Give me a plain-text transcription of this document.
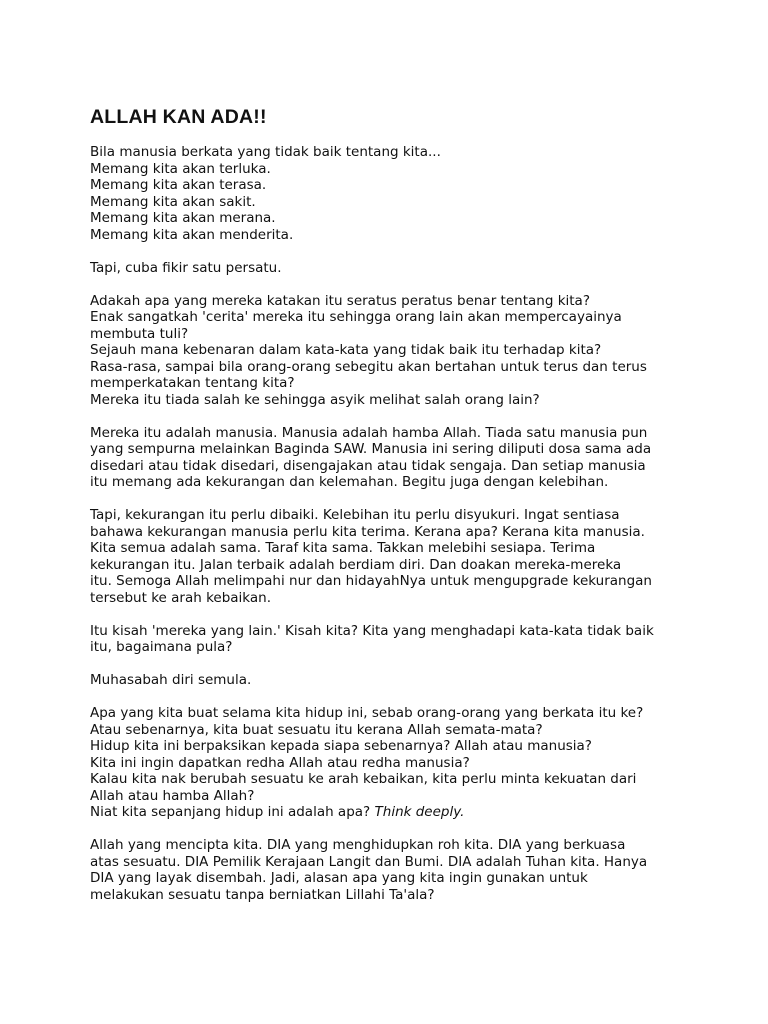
ALLAH KAN ADA!!
Bila manusia berkata yang tidak baik tentang kita...
Memang kita akan terluka.
Memang kita akan terasa.
Memang kita akan sakit.
Memang kita akan merana.
Memang kita akan menderita.
Tapi, cuba fikir satu persatu.
Adakah apa yang mereka katakan itu seratus peratus benar tentang kita?
Enak sangatkah 'cerita' mereka itu sehingga orang lain akan mempercayainya
membuta tuli?
Sejauh mana kebenaran dalam kata-kata yang tidak baik itu terhadap kita?
Rasa-rasa, sampai bila orang-orang sebegitu akan bertahan untuk terus dan terus
memperkatakan tentang kita?
Mereka itu tiada salah ke sehingga asyik melihat salah orang lain?
Mereka itu adalah manusia. Manusia adalah hamba Allah. Tiada satu manusia pun
yang sempurna melainkan Baginda SAW. Manusia ini sering diliputi dosa sama ada
disedari atau tidak disedari, disengajakan atau tidak sengaja. Dan setiap manusia
itu memang ada kekurangan dan kelemahan. Begitu juga dengan kelebihan.
Tapi, kekurangan itu perlu dibaiki. Kelebihan itu perlu disyukuri. Ingat sentiasa
bahawa kekurangan manusia perlu kita terima. Kerana apa? Kerana kita manusia.
Kita semua adalah sama. Taraf kita sama. Takkan melebihi sesiapa. Terima
kekurangan itu. Jalan terbaik adalah berdiam diri. Dan doakan mereka-mereka
itu. Semoga Allah melimpahi nur dan hidayahNya untuk mengupgrade kekurangan
tersebut ke arah kebaikan.
Itu kisah 'mereka yang lain.' Kisah kita? Kita yang menghadapi kata-kata tidak baik
itu, bagaimana pula?
Muhasabah diri semula.
Apa yang kita buat selama kita hidup ini, sebab orang-orang yang berkata itu ke?
Atau sebenarnya, kita buat sesuatu itu kerana Allah semata-mata?
Hidup kita ini berpaksikan kepada siapa sebenarnya? Allah atau manusia?
Kita ini ingin dapatkan redha Allah atau redha manusia?
Kalau kita nak berubah sesuatu ke arah kebaikan, kita perlu minta kekuatan dari
Allah atau hamba Allah?
Niat kita sepanjang hidup ini adalah apa? Think deeply.
Allah yang mencipta kita. DIA yang menghidupkan roh kita. DIA yang berkuasa
atas sesuatu. DIA Pemilik Kerajaan Langit dan Bumi. DIA adalah Tuhan kita. Hanya
DIA yang layak disembah. Jadi, alasan apa yang kita ingin gunakan untuk
melakukan sesuatu tanpa berniatkan Lillahi Ta'ala?
